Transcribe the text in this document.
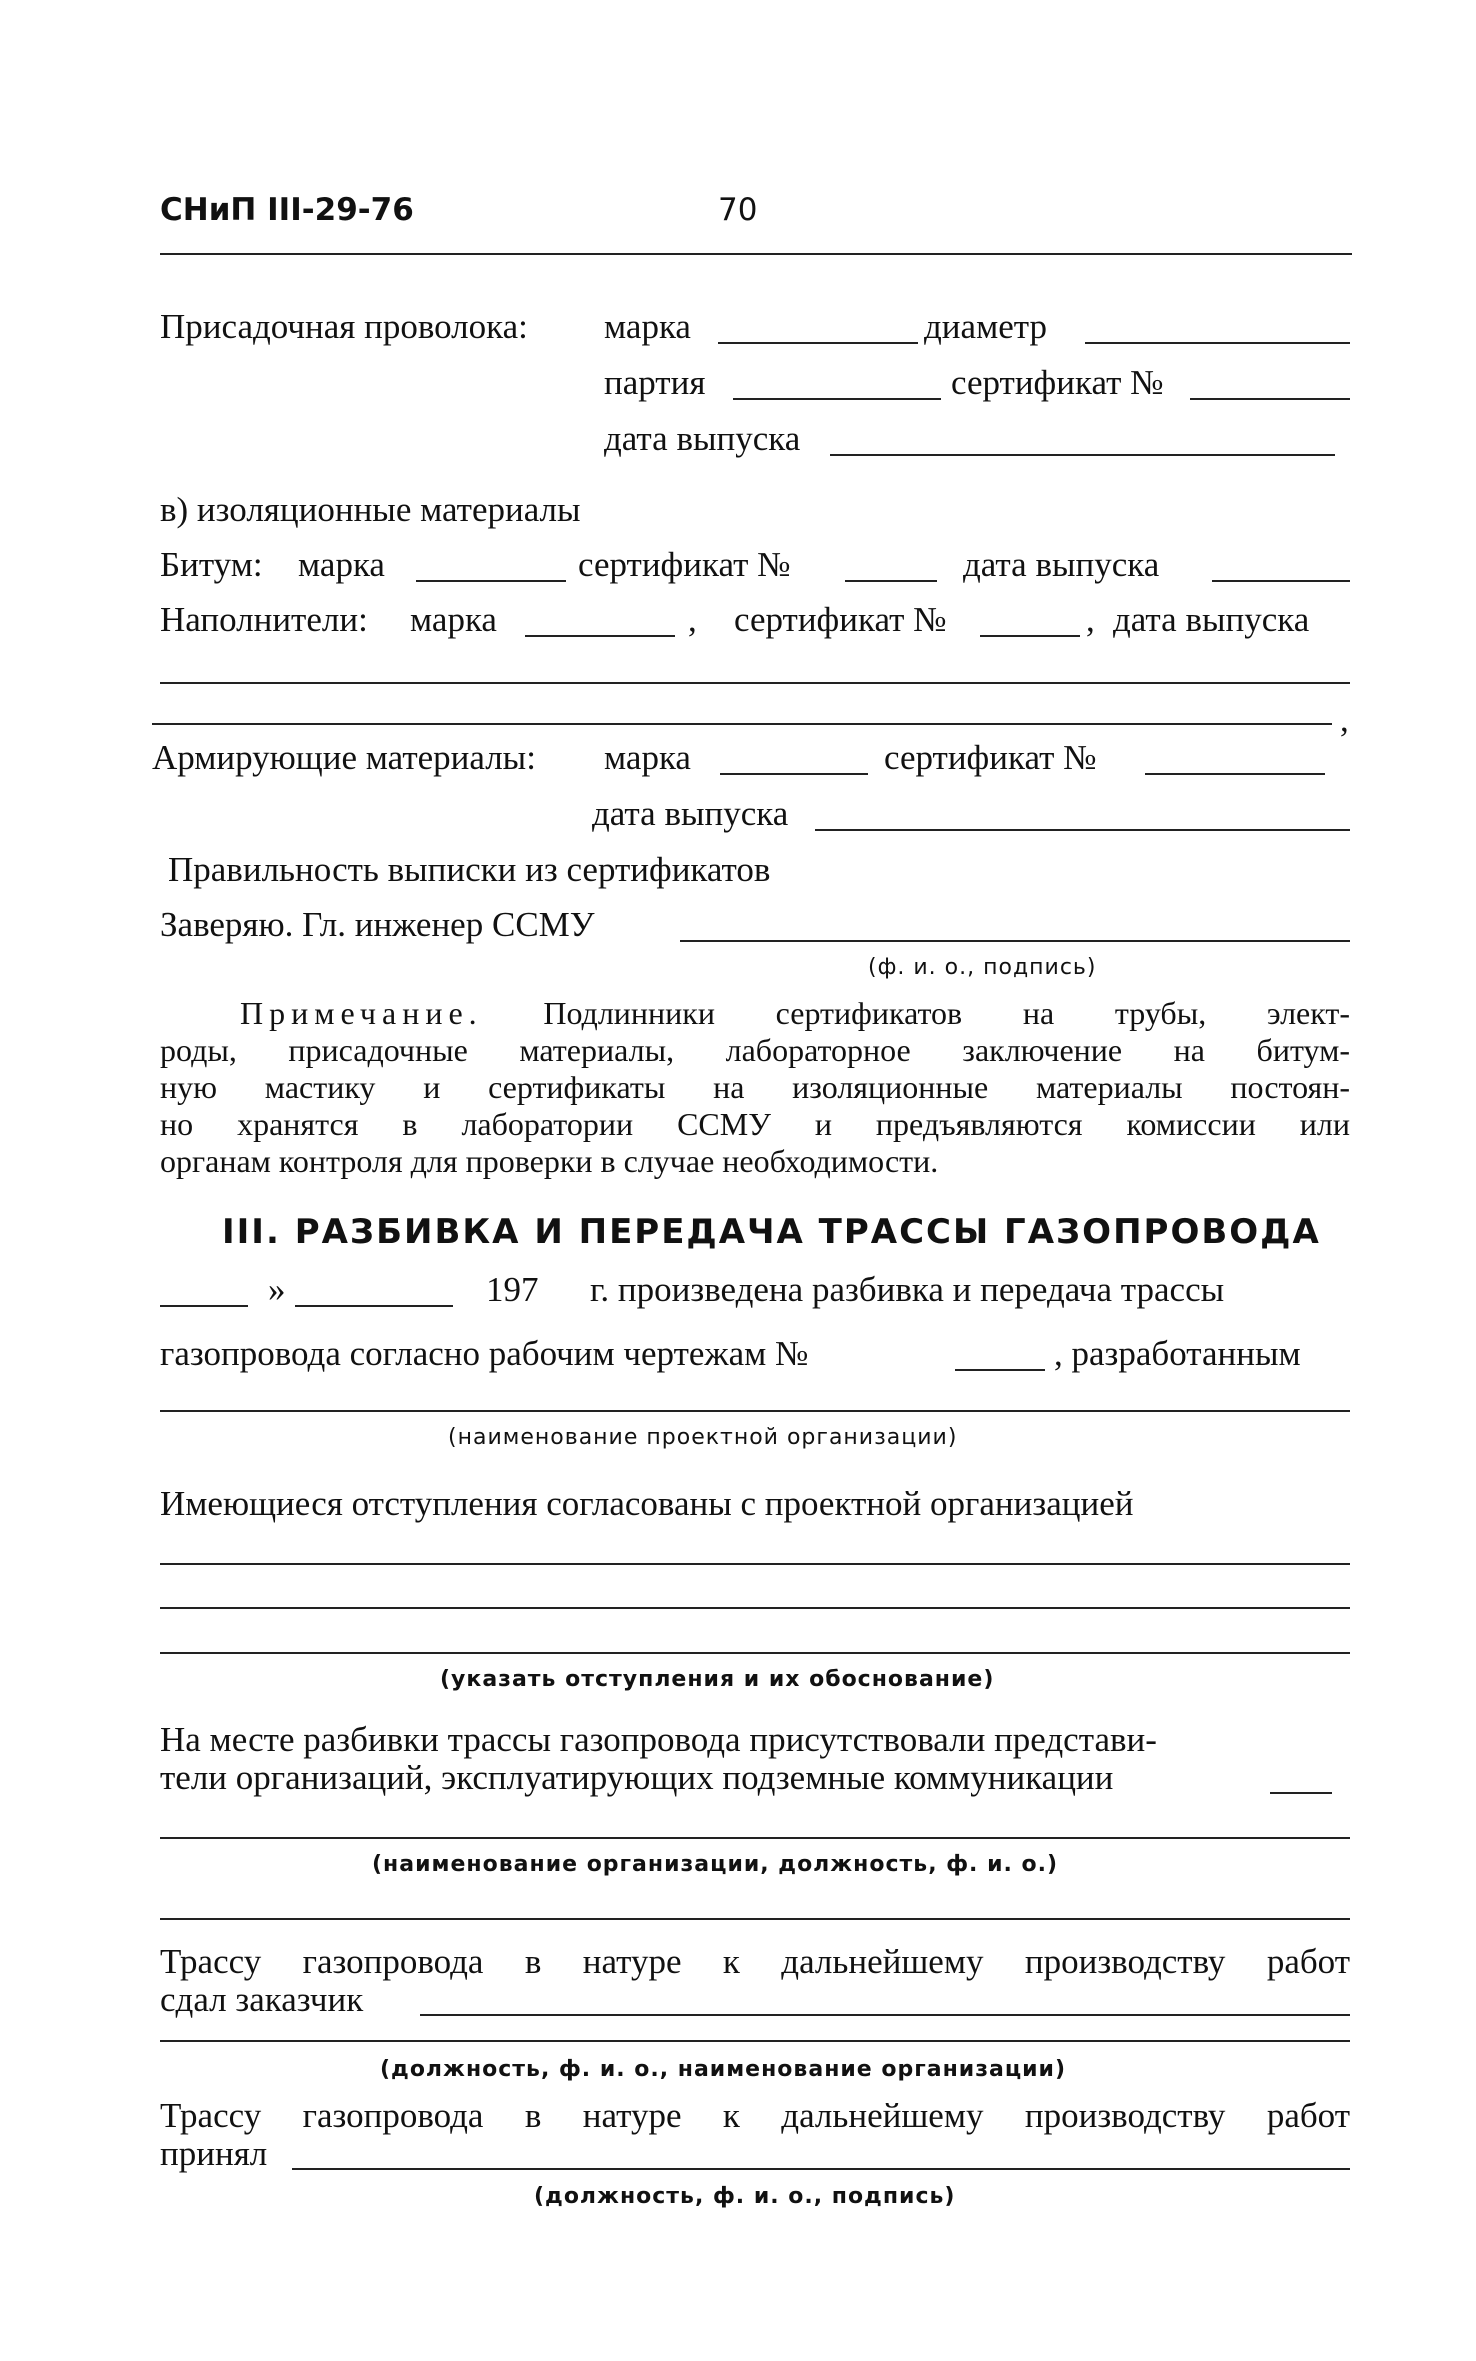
СНиП III-29-76	70
Присадочная проволока: марка	диаметр
партия	сертификат №
дата выпуска
в) изоляционные материалы
Битум: марка	сертификат №	дата выпуска
Наполнители: марка	, сертификат №	, дата выпуска
,
Армирующие материалы: марка	сертификат №
дата выпуска
Правильность выписки из сертификатов
Заверяю. Гл. инженер ССМУ
(ф. и. о., подпись)
Примечание. Подлинники сертификатов на трубы, элект-
роды, присадочные материалы, лабораторное заключение на битум-
ную мастику и сертификаты на изоляционные материалы постоян-
но хранятся в лаборатории ССМУ и предъявляются комиссии или
органам контроля для проверки в случае необходимости.
III. РАЗБИВКА И ПЕРЕДАЧА ТРАССЫ ГАЗОПРОВОДА
»	197 г. произведена разбивка и передача трассы
газопровода согласно рабочим чертежам №	, разработанным
(наименование проектной организации)
Имеющиеся отступления согласованы с проектной организацией
(указать отступления и их обоснование)
На месте разбивки трассы газопровода присутствовали представи-
тели организаций, эксплуатирующих подземные коммуникации
(наименование организации, должность, ф. и. о.)
Трассу газопровода в натуре к дальнейшему производству работ
сдал заказчик
(должность, ф. и. о., наименование организации)
Трассу газопровода в натуре к дальнейшему производству работ
принял
(должность, ф. и. о., подпись)
